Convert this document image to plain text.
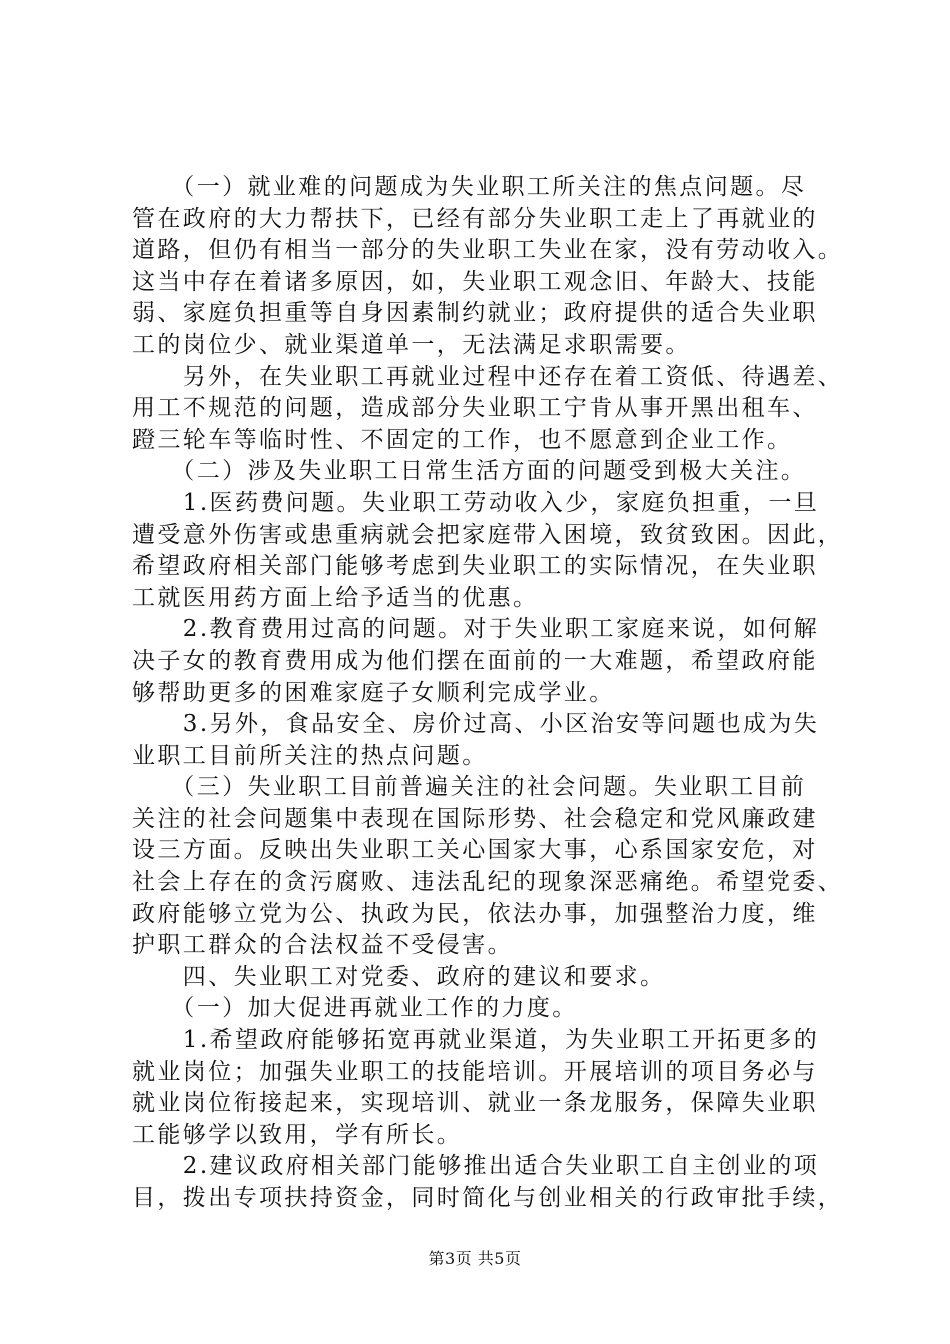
　　（一）就业难的问题成为失业职工所关注的焦点问题。尽
管在政府的大力帮扶下，已经有部分失业职工走上了再就业的
道路，但仍有相当一部分的失业职工失业在家，没有劳动收入。
这当中存在着诸多原因，如，失业职工观念旧、年龄大、技能
弱、家庭负担重等自身因素制约就业；政府提供的适合失业职
工的岗位少、就业渠道单一，无法满足求职需要。
　　另外，在失业职工再就业过程中还存在着工资低、待遇差、
用工不规范的问题，造成部分失业职工宁肯从事开黑出租车、
蹬三轮车等临时性、不固定的工作，也不愿意到企业工作。
　　（二）涉及失业职工日常生活方面的问题受到极大关注。
　　1.医药费问题。失业职工劳动收入少，家庭负担重，一旦
遭受意外伤害或患重病就会把家庭带入困境，致贫致困。因此，
希望政府相关部门能够考虑到失业职工的实际情况，在失业职
工就医用药方面上给予适当的优惠。
　　2.教育费用过高的问题。对于失业职工家庭来说，如何解
决子女的教育费用成为他们摆在面前的一大难题，希望政府能
够帮助更多的困难家庭子女顺利完成学业。
　　3.另外，食品安全、房价过高、小区治安等问题也成为失
业职工目前所关注的热点问题。
　　（三）失业职工目前普遍关注的社会问题。失业职工目前
关注的社会问题集中表现在国际形势、社会稳定和党风廉政建
设三方面。反映出失业职工关心国家大事，心系国家安危，对
社会上存在的贪污腐败、违法乱纪的现象深恶痛绝。希望党委、
政府能够立党为公、执政为民，依法办事，加强整治力度，维
护职工群众的合法权益不受侵害。
　　四、失业职工对党委、政府的建议和要求。
　　（一）加大促进再就业工作的力度。
　　1.希望政府能够拓宽再就业渠道，为失业职工开拓更多的
就业岗位；加强失业职工的技能培训。开展培训的项目务必与
就业岗位衔接起来，实现培训、就业一条龙服务，保障失业职
工能够学以致用，学有所长。
　　2.建议政府相关部门能够推出适合失业职工自主创业的项
目，拨出专项扶持资金，同时简化与创业相关的行政审批手续，
第3页 共5页
